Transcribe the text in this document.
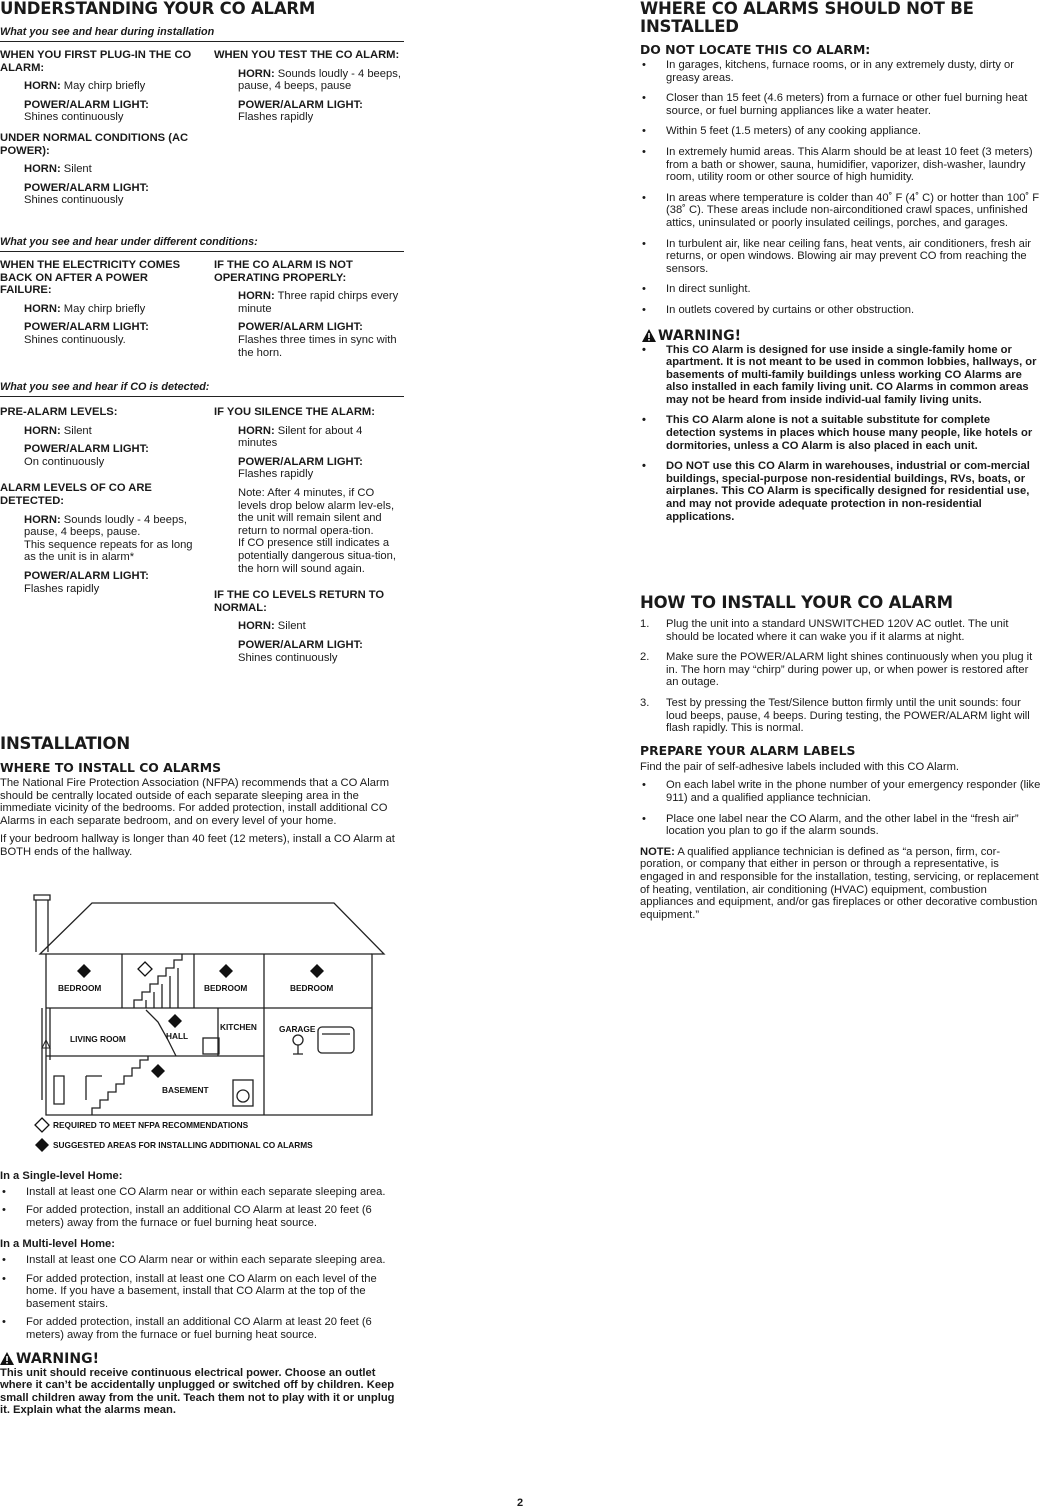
UNDERSTANDING YOUR CO ALARM
What you see and hear during installation

WHEN YOU FIRST PLUG-IN THE CO ALARM:

HORN: May chirp briefly

POWER/ALARM LIGHT:

Shines continuously

UNDER NORMAL CONDITIONS (AC POWER):

HORN: Silent

POWER/ALARM LIGHT:

Shines continuously

WHEN YOU TEST THE CO ALARM:

HORN: Sounds loudly - 4 beeps, pause, 4 beeps, pause

POWER/ALARM LIGHT:

Flashes rapidly

What you see and hear under different conditions:

WHEN THE ELECTRICITY COMES BACK ON AFTER A POWER FAILURE:

HORN: May chirp briefly

POWER/ALARM LIGHT:

Shines continuously.

IF THE CO ALARM IS NOT OPERATING PROPERLY:

HORN: Three rapid chirps every minute

POWER/ALARM LIGHT:

Flashes three times in sync with the horn.

What you see and hear if CO is detected:

PRE-ALARM LEVELS:

HORN: Silent

POWER/ALARM LIGHT:

On continuously

ALARM LEVELS OF CO ARE DETECTED:

HORN: Sounds loudly - 4 beeps, pause, 4 beeps, pause.

This sequence repeats for as long as the unit is in alarm*

POWER/ALARM LIGHT:

Flashes rapidly

IF YOU SILENCE THE ALARM:

HORN: Silent for about 4 minutes

POWER/ALARM LIGHT:

Flashes rapidly

Note: After 4 minutes, if CO levels drop below alarm lev-els, the unit will remain silent and return to normal opera-tion.

If CO presence still indicates a potentially dangerous situa-tion, the horn will sound again.

IF THE CO LEVELS RETURN TO NORMAL:

HORN: Silent

POWER/ALARM LIGHT:

Shines continuously

INSTALLATION
WHERE TO INSTALL CO ALARMS

The National Fire Protection Association (NFPA) recommends that a CO Alarm should be centrally located outside of each separate sleeping area in the immediate vicinity of the bedrooms. For added protection, install additional CO Alarms in each separate bedroom, and on every level of your home.

If your bedroom hallway is longer than 40 feet (12 meters), install a CO Alarm at BOTH ends of the hallway.

BEDROOM	BEDROOM	BEDROOM
LIVING ROOM	HALL
KITCHEN	GARAGE
BASEMENT
REQUIRED TO MEET NFPA RECOMMENDATIONS
SUGGESTED AREAS FOR INSTALLING ADDITIONAL CO ALARMS

In a Single-level Home:

• Install at least one CO Alarm near or within each separate sleeping area.
• For added protection, install an additional CO Alarm at least 20 feet (6 meters) away from the furnace or fuel burning heat source.

In a Multi-level Home:

• Install at least one CO Alarm near or within each separate sleeping area.
• For added protection, install at least one CO Alarm on each level of the home. If you have a basement, install that CO Alarm at the top of the basement stairs.
• For added protection, install an additional CO Alarm at least 20 feet (6 meters) away from the furnace or fuel burning heat source.
WARNING!

This unit should receive continuous electrical power. Choose an outlet where it can’t be accidentally unplugged or switched off by children. Keep small children away from the unit. Teach them not to play with it or unplug it. Explain what the alarms mean.

WHERE CO ALARMS SHOULD NOT BE INSTALLED
DO NOT LOCATE THIS CO ALARM:
• In garages, kitchens, furnace rooms, or in any extremely dusty, dirty or greasy areas.
• Closer than 15 feet (4.6 meters) from a furnace or other fuel burning heat source, or fuel burning appliances like a water heater.
• Within 5 feet (1.5 meters) of any cooking appliance.
• In extremely humid areas. This Alarm should be at least 10 feet (3 meters) from a bath or shower, sauna, humidifier, vaporizer, dish-washer, laundry room, utility room or other source of high humidity.
• In areas where temperature is colder than 40˚ F (4˚ C) or hotter than 100˚ F (38˚ C). These areas include non-airconditioned crawl spaces, unfinished attics, uninsulated or poorly insulated ceilings, porches, and garages.
• In turbulent air, like near ceiling fans, heat vents, air conditioners, fresh air returns, or open windows. Blowing air may prevent CO from reaching the sensors.
• In direct sunlight.
• In outlets covered by curtains or other obstruction.
WARNING!
• This CO Alarm is designed for use inside a single-family home or apartment. It is not meant to be used in common lobbies, hallways, or basements of multi-family buildings unless working CO Alarms are also installed in each family living unit. CO Alarms in common areas may not be heard from inside individ-ual family living units.
• This CO Alarm alone is not a suitable substitute for complete detection systems in places which house many people, like hotels or dormitories, unless a CO Alarm is also placed in each unit.
• DO NOT use this CO Alarm in warehouses, industrial or com-mercial buildings, special-purpose non-residential buildings, RVs, boats, or airplanes. This CO Alarm is specifically designed for residential use, and may not provide adequate protection in non-residential applications.
HOW TO INSTALL YOUR CO ALARM
1. Plug the unit into a standard UNSWITCHED 120V AC outlet. The unit should be located where it can wake you if it alarms at night.
2. Make sure the POWER/ALARM light shines continuously when you plug it in. The horn may “chirp” during power up, or when power is restored after an outage.
3. Test by pressing the Test/Silence button firmly until the unit sounds: four loud beeps, pause, 4 beeps. During testing, the POWER/ALARM light will flash rapidly. This is normal.
PREPARE YOUR ALARM LABELS

Find the pair of self-adhesive labels included with this CO Alarm.

• On each label write in the phone number of your emergency responder (like 911) and a qualified appliance technician.
• Place one label near the CO Alarm, and the other label in the “fresh air” location you plan to go if the alarm sounds.

NOTE: A qualified appliance technician is defined as “a person, firm, cor-poration, or company that either in person or through a representative, is engaged in and responsible for the installation, testing, servicing, or replacement of heating, ventilation, air conditioning (HVAC) equipment, combustion appliances and equipment, and/or gas fireplaces or other decorative combustion equipment.”

2
